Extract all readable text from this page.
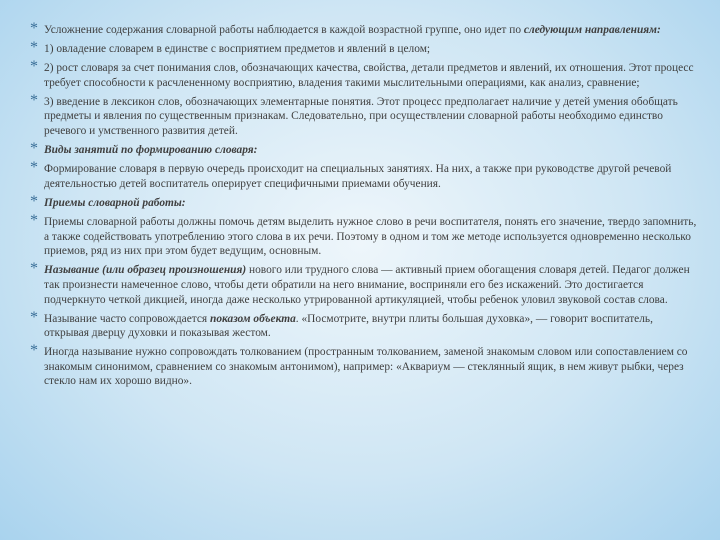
* Усложнение содержания словарной работы наблюдается в каждой возрастной группе, оно идет по следующим направлениям:
* 1) овладение словарем в единстве с восприятием предметов и явлений в целом;
* 2) рост словаря за счет понимания слов, обозначающих качества, свойства, детали предметов и явлений, их отношения. Этот процесс требует способности к расчлененному восприятию, владения такими мыслительными операциями, как анализ, сравнение;
* 3) введение в лексикон слов, обозначающих элементарные понятия. Этот процесс предполагает наличие у детей умения обобщать предметы и явления по существенным признакам. Следовательно, при осуществлении словарной работы необходимо единство речевого и умственного развития детей.
* Виды занятий по формированию словаря:
* Формирование словаря в первую очередь происходит на специальных занятиях. На них, а также при руководстве другой речевой деятельностью детей воспитатель оперирует специфичными приемами обучения.
* Приемы словарной работы:
* Приемы словарной работы должны помочь детям выделить нужное слово в речи воспитателя, понять его значение, твердо запомнить, а также содействовать употреблению этого слова в их речи. Поэтому в одном и том же методе используется одновременно несколько приемов, ряд из них при этом будет ведущим, основным.
* Называние (или образец произношения) нового или трудного слова — активный прием обогащения словаря детей. Педагог должен так произнести намеченное слово, чтобы дети обратили на него внимание, восприняли его без искажений. Это достигается подчеркнуто четкой дикцией, иногда даже несколько утрированной артикуляцией, чтобы ребенок уловил звуковой состав слова.
* Называние часто сопровождается показом объекта. «Посмотрите, внутри плиты большая духовка», — говорит воспитатель, открывая дверцу духовки и показывая жестом.
* Иногда называние нужно сопровождать толкованием (пространным толкованием, заменой знакомым словом или сопоставлением со знакомым синонимом, сравнением со знакомым антонимом), например: «Аквариум — стеклянный ящик, в нем живут рыбки, через стекло нам их хорошо видно».
